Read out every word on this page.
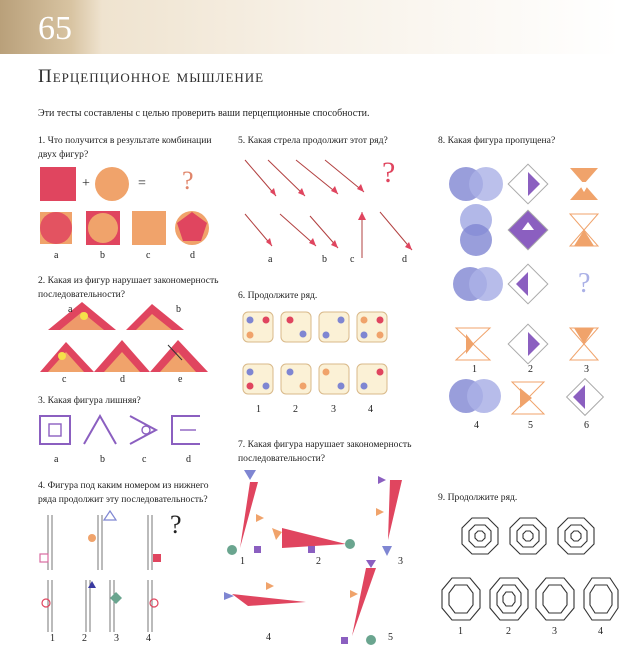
65
Перцепционное мышление
Эти тесты составлены с целью проверить ваши перцепционные способности.
1. Что получится в результате комбинации двух фигур?
2. Какая из фигур нарушает закономерность последовательности?
3. Какая фигура лишняя?
4. Фигура под каким номером из нижнего ряда продолжит эту последовательность?
5. Какая стрела продолжит этот ряд?
6. Продолжите ряд.
7. Какая фигура нарушает закономерность последовательности?
8. Какая фигура пропущена?
9. Продолжите ряд.
+	= ?	?
?
?
a	b	c	d
a	b
c	d	e
a	b	c	d
1	2	3	4
a	b c	d
1	2	3	4
1	2	3
4	5
1	2	3
4	5	6
1	2	3	4
